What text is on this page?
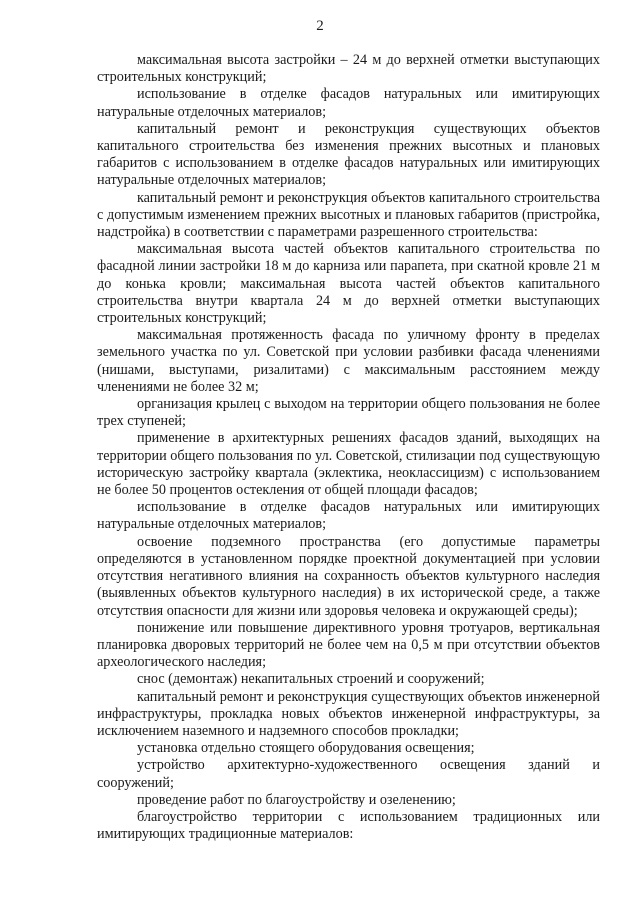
2

максимальная высота застройки – 24 м до верхней отметки выступающих строительных конструкций;

использование в отделке фасадов натуральных или имитирующих натуральные отделочных материалов;

капитальный ремонт и реконструкция существующих объектов капитального строительства без изменения прежних высотных и плановых габаритов с использованием в отделке фасадов натуральных или имитирующих натуральные отделочных материалов;

капитальный ремонт и реконструкция объектов капитального строительства с допустимым изменением прежних высотных и плановых габаритов (пристройка, надстройка) в соответствии с параметрами разрешенного строительства:

максимальная высота частей объектов капитального строительства по фасадной линии застройки 18 м до карниза или парапета, при скатной кровле 21 м до конька кровли; максимальная высота частей объектов капитального строительства внутри квартала 24 м до верхней отметки выступающих строительных конструкций;

максимальная протяженность фасада по уличному фронту в пределах земельного участка по ул. Советской при условии разбивки фасада членениями (нишами, выступами, ризалитами) с максимальным расстоянием между членениями не более 32 м;

организация крылец с выходом на территории общего пользования не более трех ступеней;

применение в архитектурных решениях фасадов зданий, выходящих на территории общего пользования по ул. Советской, стилизации под существующую историческую застройку квартала (эклектика, неоклассицизм) с использованием не более 50 процентов остекления от общей площади фасадов;

использование в отделке фасадов натуральных или имитирующих натуральные отделочных материалов;

освоение подземного пространства (его допустимые параметры определяются в установленном порядке проектной документацией при условии отсутствия негативного влияния на сохранность объектов культурного наследия (выявленных объектов культурного наследия) в их исторической среде, а также отсутствия опасности для жизни или здоровья человека и окружающей среды);

понижение или повышение директивного уровня тротуаров, вертикальная планировка дворовых территорий не более чем на 0,5 м при отсутствии объектов археологического наследия;

снос (демонтаж) некапитальных строений и сооружений;

капитальный ремонт и реконструкция существующих объектов инженерной инфраструктуры, прокладка новых объектов инженерной инфраструктуры, за исключением наземного и надземного способов прокладки;

установка отдельно стоящего оборудования освещения;

устройство архитектурно-художественного освещения зданий и сооружений;

проведение работ по благоустройству и озеленению;

благоустройство территории с использованием традиционных или имитирующих традиционные материалов:
